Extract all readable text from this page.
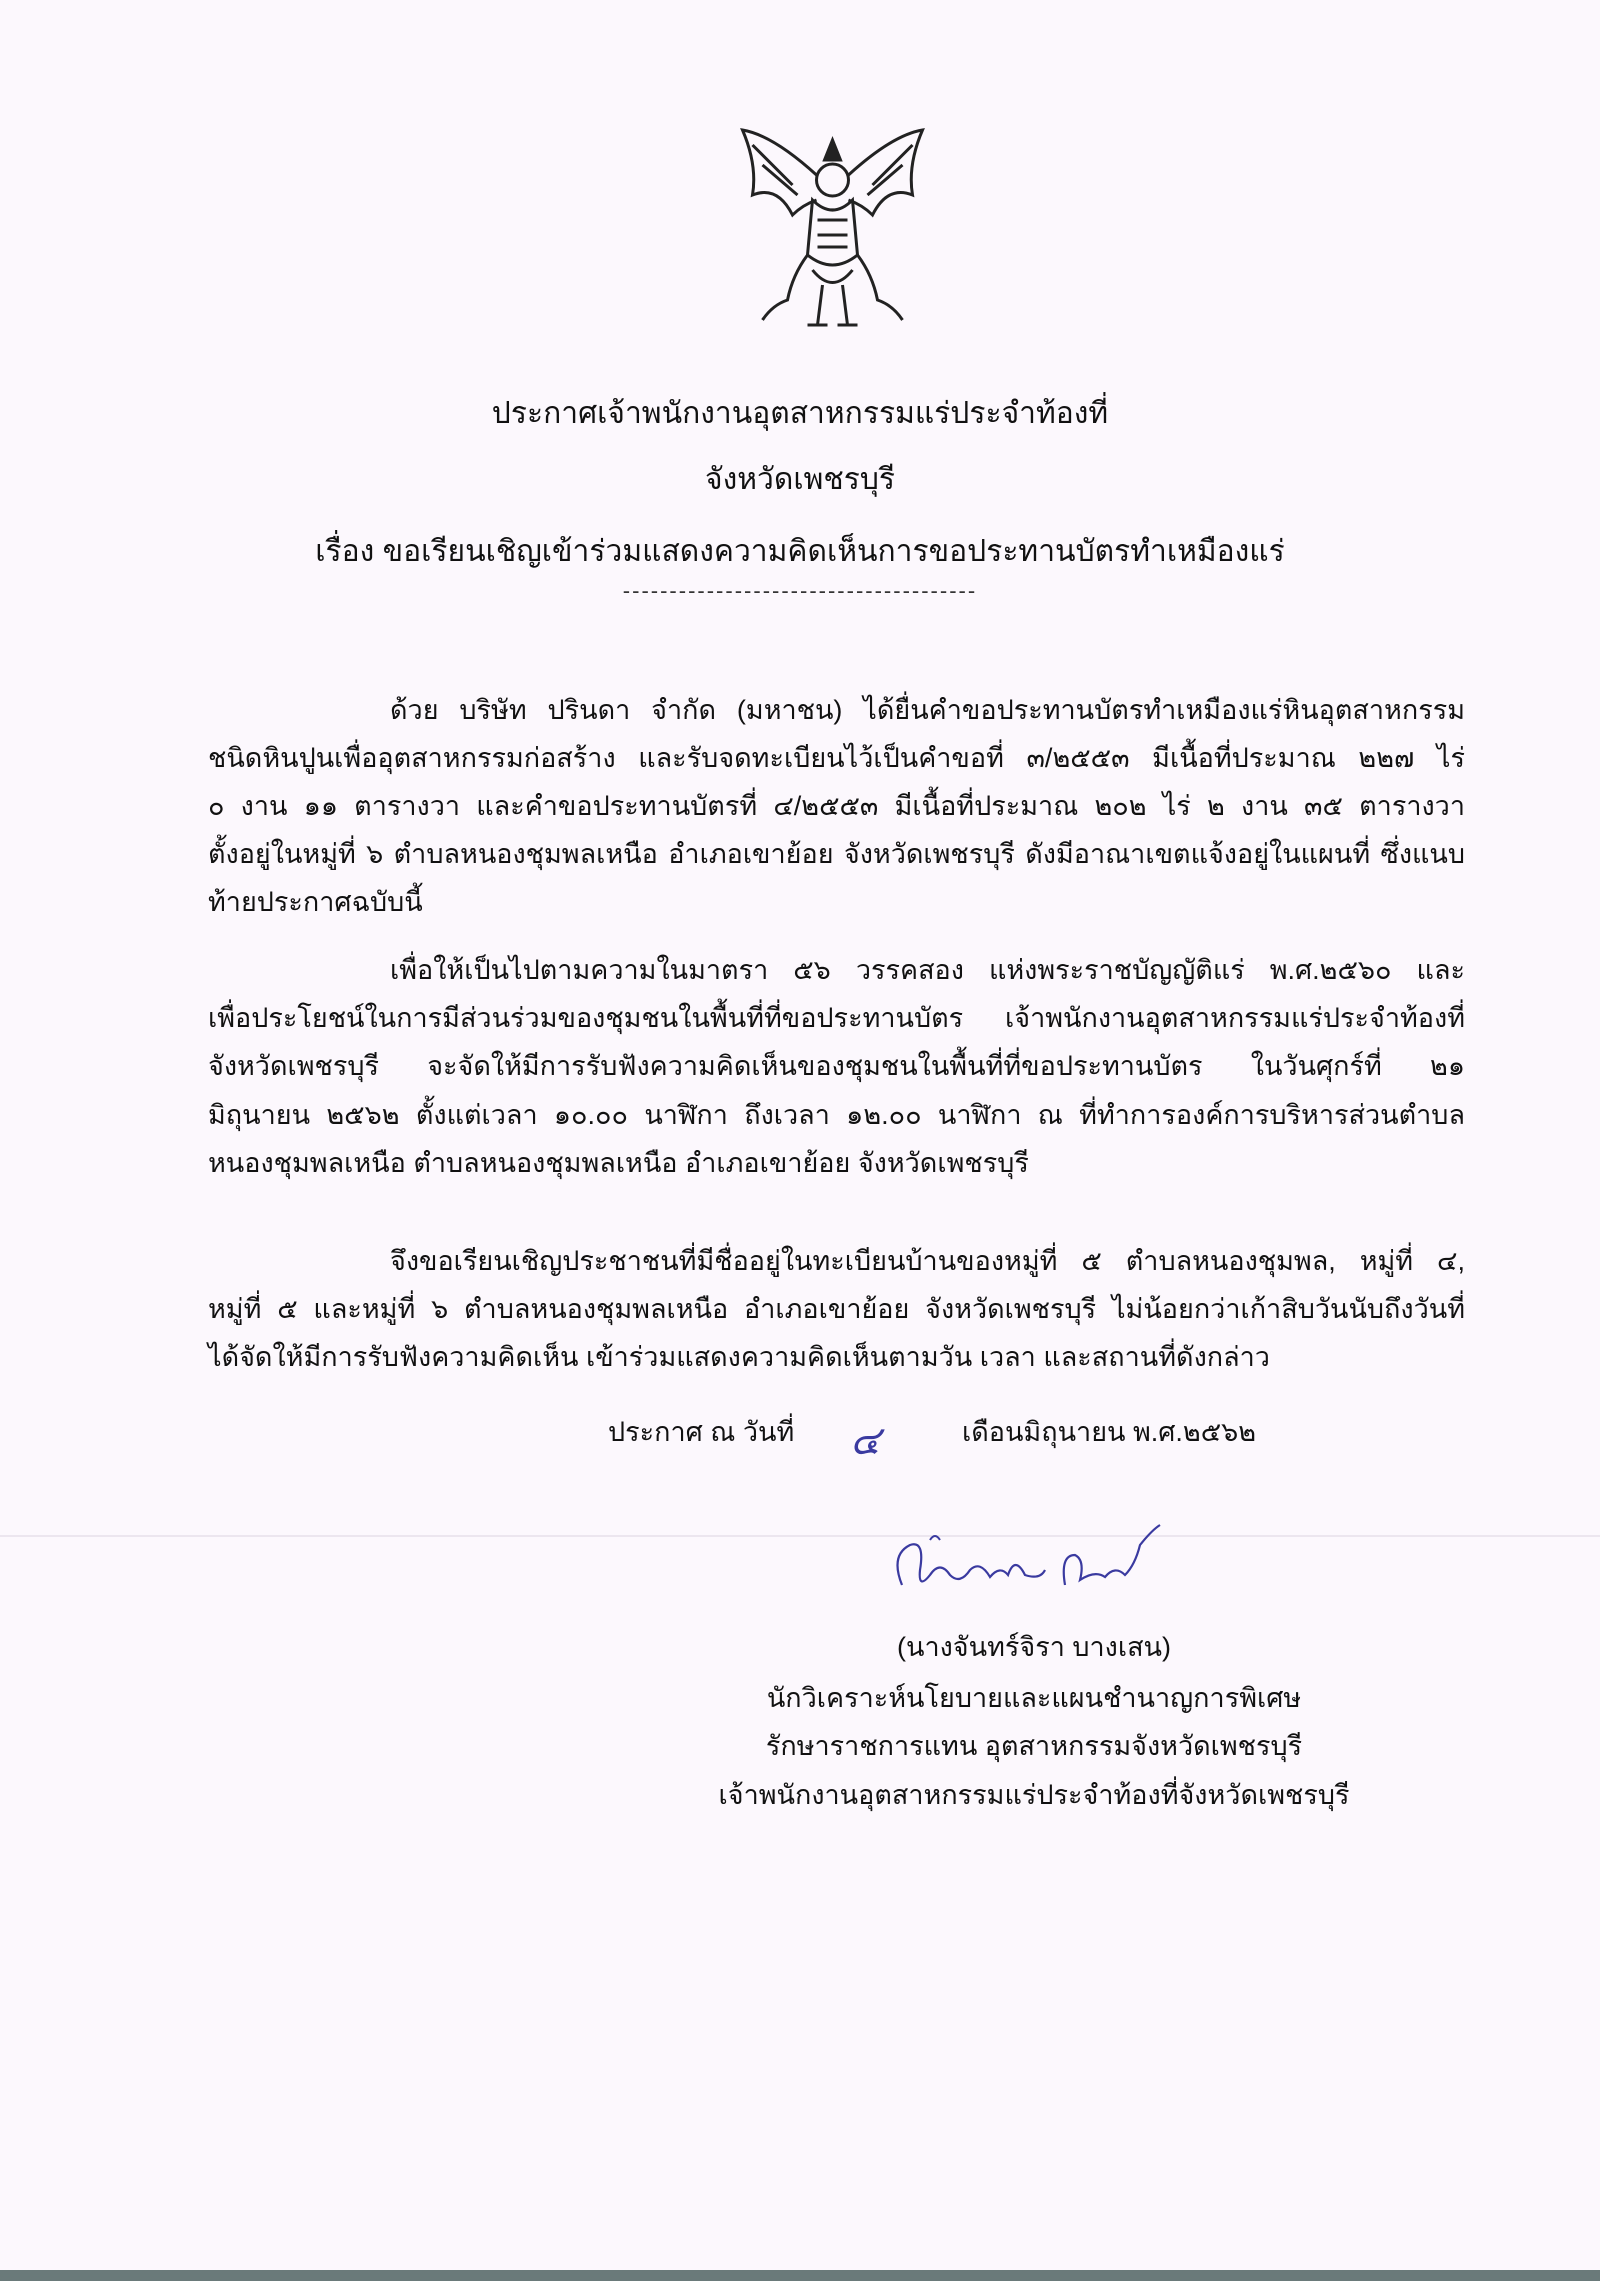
ประกาศเจ้าพนักงานอุตสาหกรรมแร่ประจำท้องที่
จังหวัดเพชรบุรี
เรื่อง ขอเรียนเชิญเข้าร่วมแสดงความคิดเห็นการขอประทานบัตรทำเหมืองแร่
--------------------------------------
ด้วย บริษัท ปรินดา จำกัด (มหาชน) ได้ยื่นคำขอประทานบัตรทำเหมืองแร่หินอุตสาหกรรม
ชนิดหินปูนเพื่ออุตสาหกรรมก่อสร้าง และรับจดทะเบียนไว้เป็นคำขอที่ ๓/๒๕๕๓ มีเนื้อที่ประมาณ ๒๒๗ ไร่
๐ งาน ๑๑ ตารางวา และคำขอประทานบัตรที่ ๔/๒๕๕๓ มีเนื้อที่ประมาณ ๒๐๒ ไร่ ๒ งาน ๓๕ ตารางวา
ตั้งอยู่ในหมู่ที่ ๖ ตำบลหนองชุมพลเหนือ อำเภอเขาย้อย จังหวัดเพชรบุรี ดังมีอาณาเขตแจ้งอยู่ในแผนที่ ซึ่งแนบ
ท้ายประกาศฉบับนี้
เพื่อให้เป็นไปตามความในมาตรา ๕๖ วรรคสอง แห่งพระราชบัญญัติแร่ พ.ศ.๒๕๖๐ และ
เพื่อประโยชน์ในการมีส่วนร่วมของชุมชนในพื้นที่ที่ขอประทานบัตร เจ้าพนักงานอุตสาหกรรมแร่ประจำท้องที่
จังหวัดเพชรบุรี จะจัดให้มีการรับฟังความคิดเห็นของชุมชนในพื้นที่ที่ขอประทานบัตร ในวันศุกร์ที่ ๒๑
มิถุนายน ๒๕๖๒ ตั้งแต่เวลา ๑๐.๐๐ นาฬิกา ถึงเวลา ๑๒.๐๐ นาฬิกา ณ ที่ทำการองค์การบริหารส่วนตำบล
หนองชุมพลเหนือ ตำบลหนองชุมพลเหนือ อำเภอเขาย้อย จังหวัดเพชรบุรี
จึงขอเรียนเชิญประชาชนที่มีชื่ออยู่ในทะเบียนบ้านของหมู่ที่ ๕ ตำบลหนองชุมพล, หมู่ที่ ๔,
หมู่ที่ ๕ และหมู่ที่ ๖ ตำบลหนองชุมพลเหนือ อำเภอเขาย้อย จังหวัดเพชรบุรี ไม่น้อยกว่าเก้าสิบวันนับถึงวันที่
ได้จัดให้มีการรับฟังความคิดเห็น เข้าร่วมแสดงความคิดเห็นตามวัน เวลา และสถานที่ดังกล่าว
ประกาศ ณ วันที่ ๔	เดือนมิถุนายน พ.ศ.๒๕๖๒
(นางจันทร์จิรา บางเสน)
นักวิเคราะห์นโยบายและแผนชำนาญการพิเศษ
รักษาราชการแทน อุตสาหกรรมจังหวัดเพชรบุรี
เจ้าพนักงานอุตสาหกรรมแร่ประจำท้องที่จังหวัดเพชรบุรี
